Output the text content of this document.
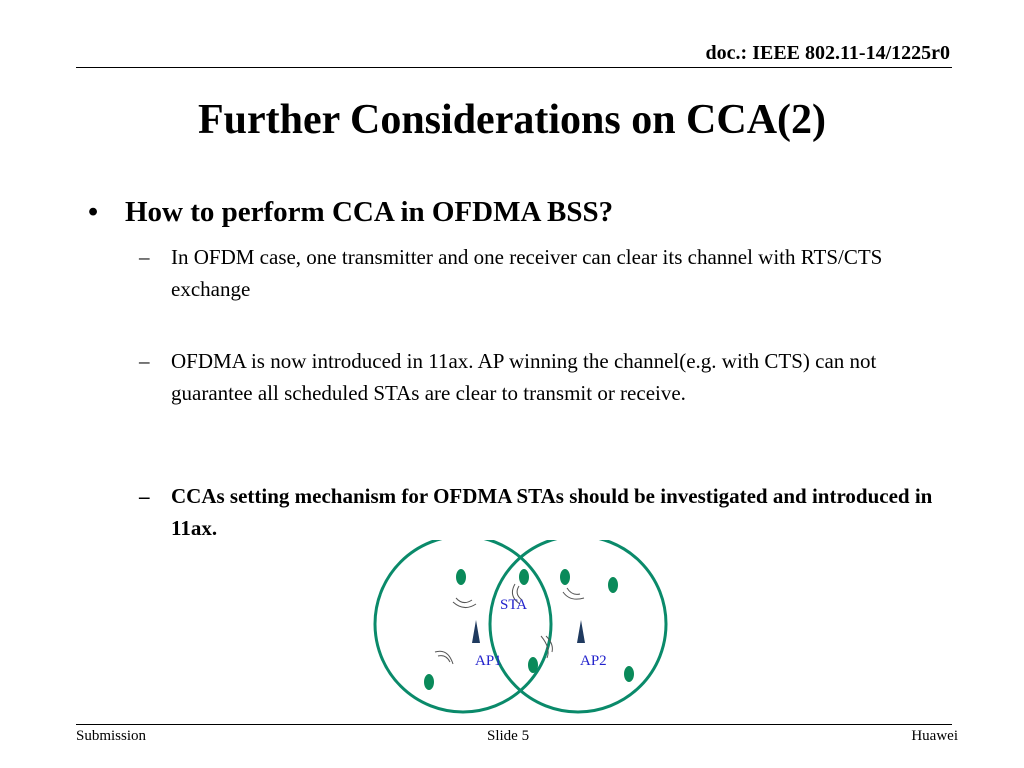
doc.: IEEE 802.11-14/1225r0
Further Considerations on CCA(2)
• How to perform CCA in OFDMA BSS?
– In OFDM case, one transmitter and one receiver can clear its channel with RTS/CTS exchange
– OFDMA is now introduced in 11ax. AP winning the channel(e.g. with CTS) can not guarantee all scheduled STAs are clear to transmit or receive.
– CCAs setting mechanism for OFDMA STAs should be investigated and introduced in 11ax.
STA
AP1	AP2
Submission	Slide 5	Huawei
